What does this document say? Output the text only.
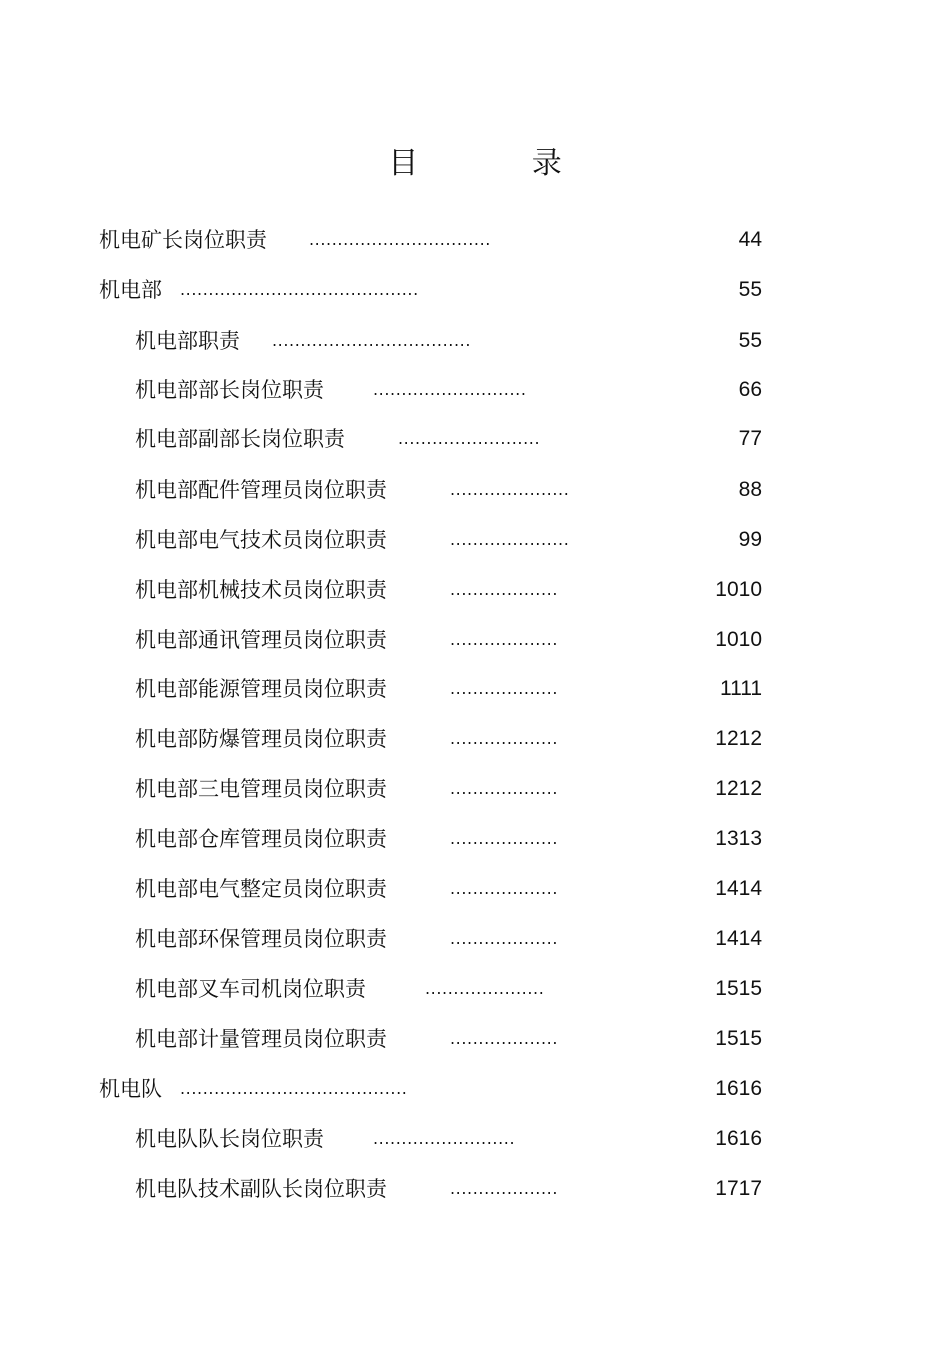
目 录
机电矿长岗位职责	................................	44
机电部 ..........................................	55
机电部职责 ...................................	55
机电部部长岗位职责	...........................	66
机电部副部长岗位职责	.........................	77
机电部配件管理员岗位职责	.....................	88
机电部电气技术员岗位职责	.....................	99
机电部机械技术员岗位职责	...................	1010
机电部通讯管理员岗位职责	...................	1010
机电部能源管理员岗位职责	...................	1111
机电部防爆管理员岗位职责	...................	1212
机电部三电管理员岗位职责	...................	1212
机电部仓库管理员岗位职责	...................	1313
机电部电气整定员岗位职责	...................	1414
机电部环保管理员岗位职责	...................	1414
机电部叉车司机岗位职责	.....................	1515
机电部计量管理员岗位职责	...................	1515
机电队 ........................................	1616
机电队队长岗位职责	.........................	1616
机电队技术副队长岗位职责	...................	1717
